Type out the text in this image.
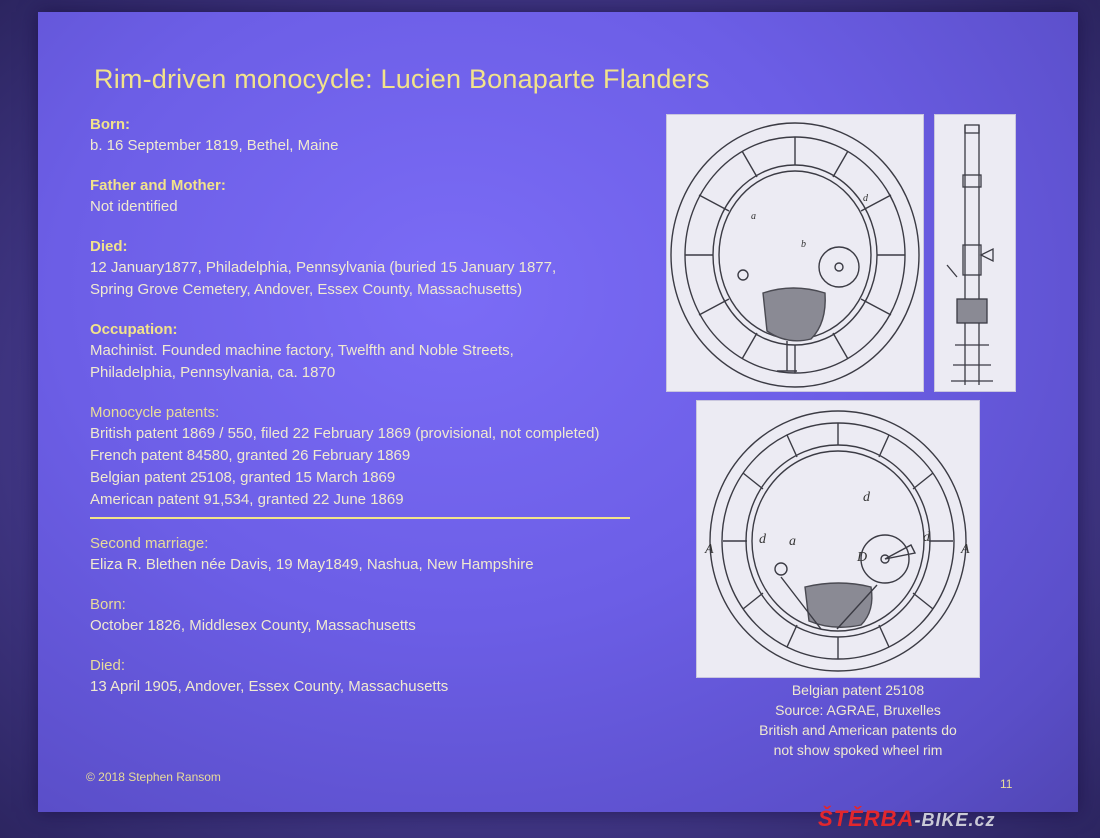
Rim-driven monocycle: Lucien Bonaparte Flanders
Born:
b. 16 September 1819, Bethel, Maine
Father and Mother:
Not identified
Died:
12 January1877, Philadelphia, Pennsylvania (buried 15 January 1877,
Spring Grove Cemetery, Andover, Essex County, Massachusetts)
Occupation:
Machinist. Founded machine factory, Twelfth and Noble Streets,
Philadelphia, Pennsylvania, ca. 1870
Monocycle patents:
British patent 1869 / 550, filed 22 February 1869 (provisional, not completed)
French patent 84580, granted 26 February 1869
Belgian patent 25108, granted 15 March 1869
American patent 91,534, granted 22 June 1869
Second marriage:
Eliza R. Blethen née Davis, 19 May1849, Nashua, New Hampshire
Born:
October 1826, Middlesex County, Massachusetts
Died:
13 April 1905, Andover, Essex County, Massachusetts
a
b
d
A	A
d	d
d
a
D
Belgian patent 25108
Source: AGRAE, Bruxelles
British and American patents do
not show spoked wheel rim
© 2018 Stephen Ransom	11
ŠTĚRBA-BIKE.cz
